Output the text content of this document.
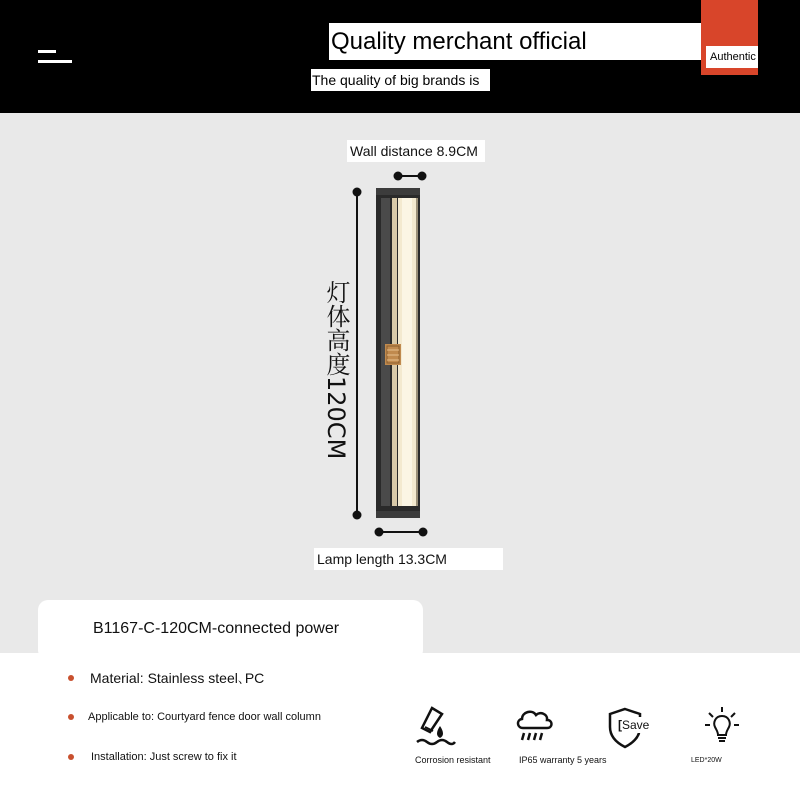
Quality merchant official
Authentic
The quality of big brands is
Wall distance 8.9CM
灯体高度120CM
Lamp length 13.3CM
B1167-C-120CM-connected power
Material: Stainless steel､PC
Applicable to: Courtyard fence door wall column
Installation: Just screw to fix it	Corrosion resistant	IP65 warranty 5 years
[Save
LED*20W
